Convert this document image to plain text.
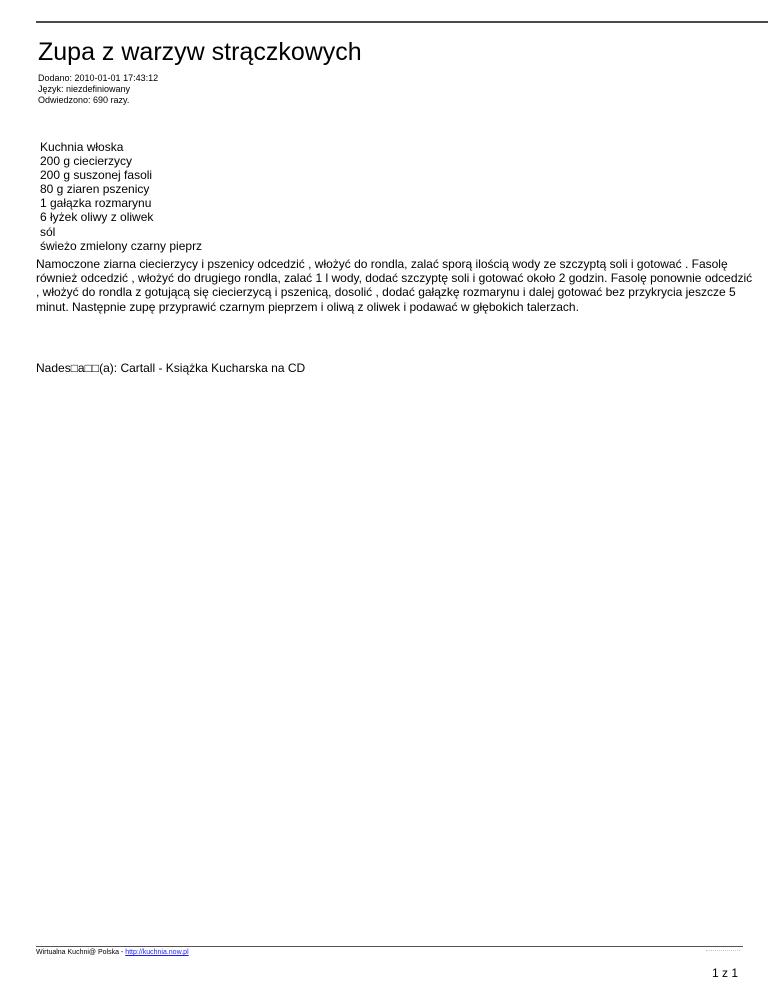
Zupa z warzyw strączkowych
Dodano: 2010-01-01 17:43:12
Język: niezdefiniowany
Odwiedzono: 690 razy.
Kuchnia włoska
200 g ciecierzycy
200 g suszonej fasoli
80 g ziaren pszenicy
1 gałązka rozmarynu
6 łyżek oliwy z oliwek
sól
świeżo zmielony czarny pieprz

Namoczone ziarna ciecierzycy i pszenicy odcedzić , włożyć do rondla, zalać sporą ilością wody ze szczyptą soli i gotować . Fasolę również odcedzić , włożyć do drugiego rondla, zalać 1 l wody, dodać szczyptę soli i gotować około 2 godzin. Fasolę ponownie odcedzić , włożyć do rondla z gotującą się ciecierzycą i pszenicą, dosolić , dodać gałązkę rozmarynu i dalej gotować bez przykrycia jeszcze 5 minut. Następnie zupę przyprawić czarnym pieprzem i oliwą z oliwek i podawać w głębokich talerzach.

Nades□a□□(a): Cartall - Książka Kucharska na CD
Wirtualna Kuchni@ Polska - http://kuchnia.now.pl
1 z 1
